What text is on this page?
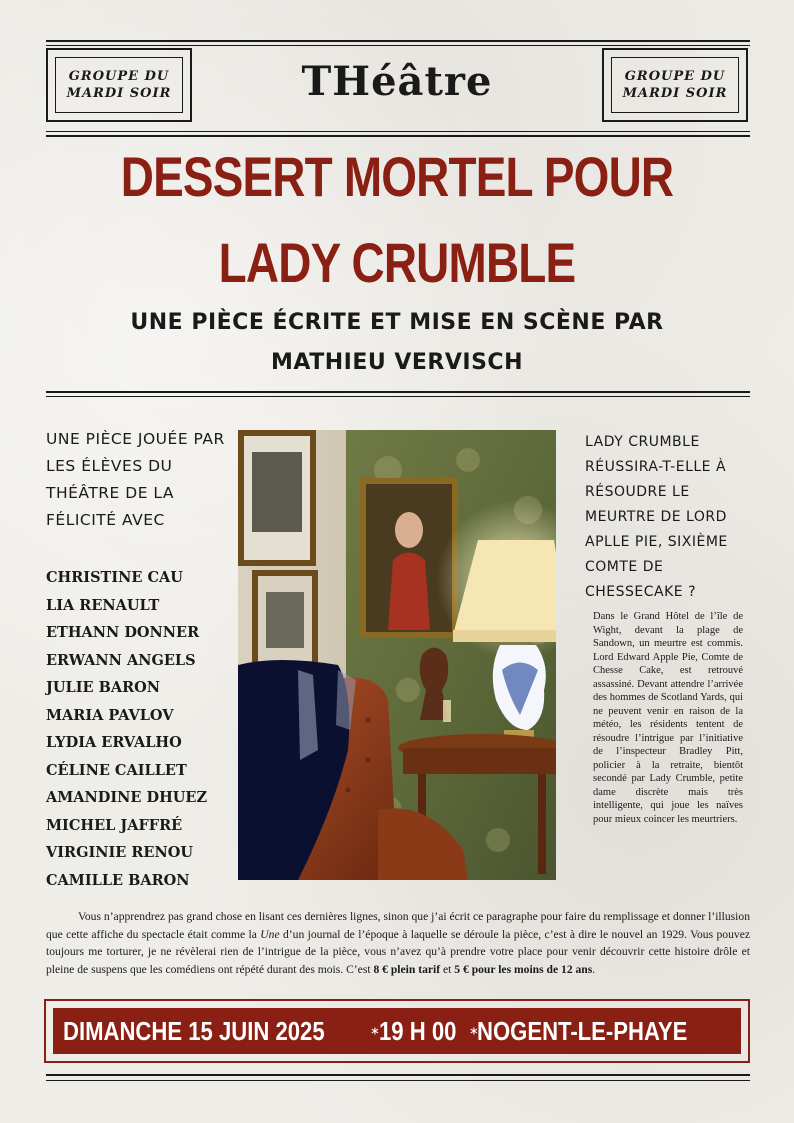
GROUPE DU MARDI SOIR
GROUPE DU MARDI SOIR
THéâtre
DESSERT MORTEL POUR
LADY CRUMBLE
UNE PIÈCE ÉCRITE ET MISE EN SCÈNE PAR
MATHIEU VERVISCH
UNE PIÈCE JOUÉE PAR LES ÉLÈVES DU THÉÂTRE DE LA FÉLICITÉ AVEC
CHRISTINE CAU
LIA RENAULT
ETHANN DONNER
ERWANN ANGELS
JULIE BARON
MARIA PAVLOV
LYDIA ERVALHO
CÉLINE CAILLET
AMANDINE DHUEZ
MICHEL JAFFRÉ
VIRGINIE RENOU
CAMILLE BARON
LADY CRUMBLE RÉUSSIRA-T-ELLE À RÉSOUDRE LE MEURTRE DE LORD APLLE PIE, SIXIÈME COMTE DE CHESSECAKE ?
Dans le Grand Hôtel de l’île de Wight, devant la plage de Sandown, un meurtre est commis. Lord Edward Apple Pie, Comte de Chesse Cake, est retrouvé assassiné. Devant attendre l’arrivée des hommes de Scotland Yards, qui ne peuvent venir en raison de la météo, les résidents tentent de résoudre l’intrigue par l’initiative de l’inspecteur Bradley Pitt, policier à la retraite, bientôt secondé par Lady Crumble, petite dame discrète mais très intelligente, qui joue les naïves pour mieux coincer les meurtriers.
Vous n’apprendrez pas grand chose en lisant ces dernières lignes, sinon que j’ai écrit ce paragraphe pour faire du remplissage et donner l’illusion que cette affiche du spectacle était comme la Une d’un journal de l’époque à laquelle se déroule la pièce, c’est à dire le nouvel an 1929. Vous pouvez toujours me torturer, je ne révèlerai rien de l’intrigue de la pièce, vous n’avez qu’à prendre votre place pour venir découvrir cette histoire drôle et pleine de suspens que les comédiens ont répété durant des mois. C’est 8 € plein tarif et 5 € pour les moins de 12 ans.
DIMANCHE 15 JUIN 2025 19 H 00 NOGENT-LE-PHAYE
